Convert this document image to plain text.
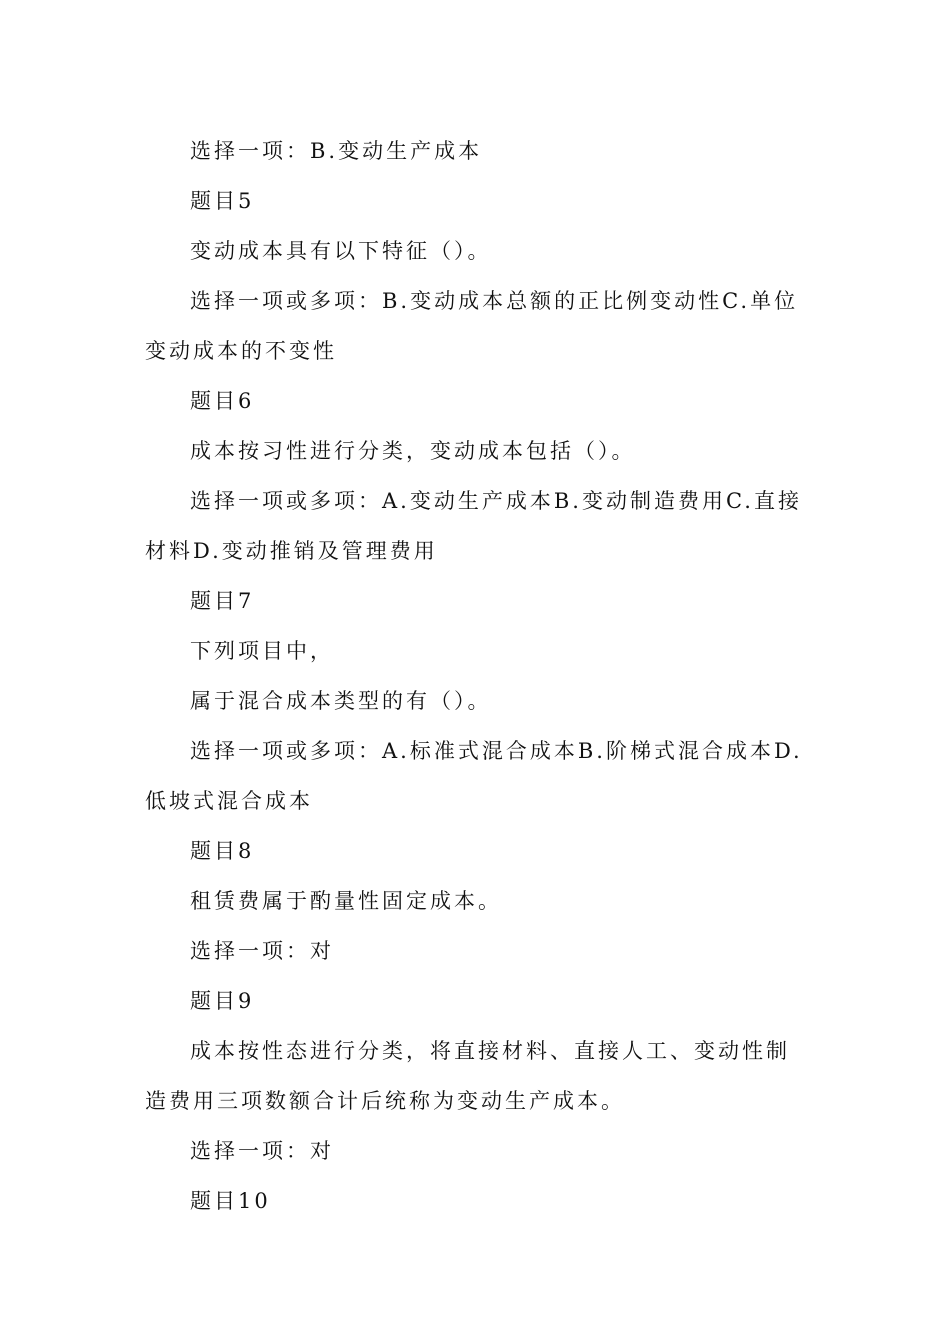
选择一项：B.变动生产成本

题目5

变动成本具有以下特征（）。

选择一项或多项：B.变动成本总额的正比例变动性C.单位变动成本的不变性

题目6

成本按习性进行分类，变动成本包括（）。

选择一项或多项：A.变动生产成本B.变动制造费用C.直接材料D.变动推销及管理费用

题目7

下列项目中，

属于混合成本类型的有（）。

选择一项或多项：A.标准式混合成本B.阶梯式混合成本D.低坡式混合成本

题目8

租赁费属于酌量性固定成本。

选择一项：对

题目9

成本按性态进行分类，将直接材料、直接人工、变动性制造费用三项数额合计后统称为变动生产成本。

选择一项：对

题目10
